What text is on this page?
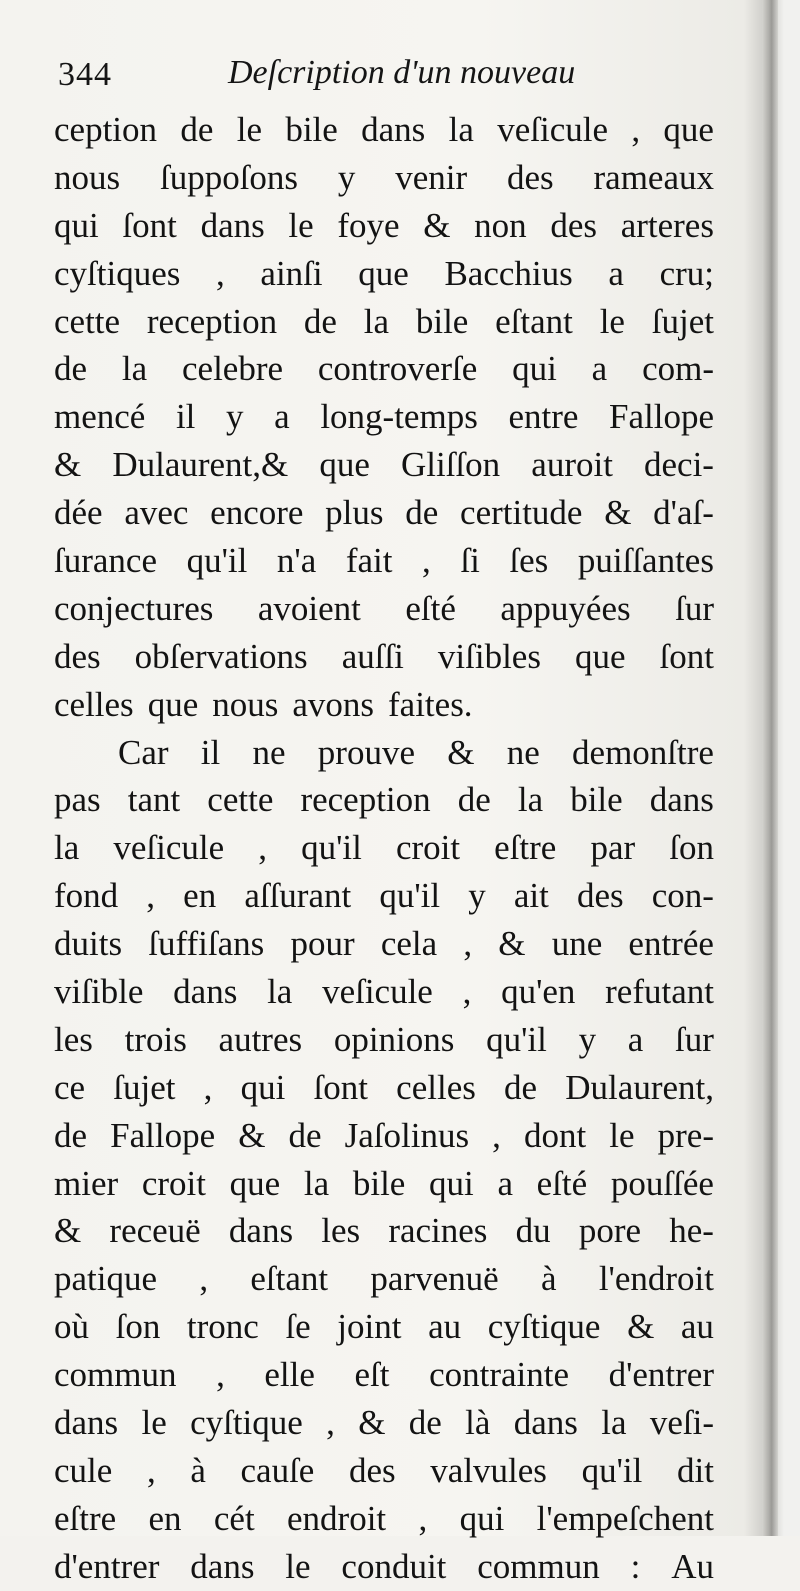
344	Deſcription d'un nouveau
ception de le bile dans la veſicule , que
nous ſuppoſons y venir des rameaux
qui ſont dans le foye & non des arteres
cyſtiques , ainſi que Bacchius a cru;
cette reception de la bile eſtant le ſujet
de la celebre controverſe qui a com-
mencé il y a long-temps entre Fallope
& Dulaurent,& que Gliſſon auroit deci-
dée avec encore plus de certitude & d'aſ-
ſurance qu'il n'a fait , ſi ſes puiſſantes
conjectures avoient eſté appuyées ſur
des obſervations auſſi viſibles que ſont
celles que nous avons faites.
Car il ne prouve & ne demonſtre
pas tant cette reception de la bile dans
la veſicule , qu'il croit eſtre par ſon
fond , en aſſurant qu'il y ait des con-
duits ſuffiſans pour cela , & une entrée
viſible dans la veſicule , qu'en refutant
les trois autres opinions qu'il y a ſur
ce ſujet , qui ſont celles de Dulaurent,
de Fallope & de Jaſolinus , dont le pre-
mier croit que la bile qui a eſté pouſſée
& receuë dans les racines du pore he-
patique , eſtant parvenuë à l'endroit
où ſon tronc ſe joint au cyſtique & au
commun , elle eſt contrainte d'entrer
dans le cyſtique , & de là dans la veſi-
cule , à cauſe des valvules qu'il dit
eſtre en cét endroit , qui l'empeſchent
d'entrer dans le conduit commun : Au
